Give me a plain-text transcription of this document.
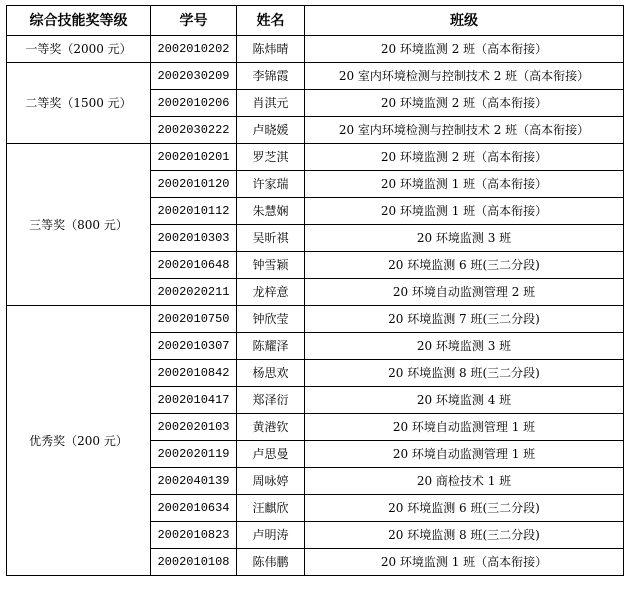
综合技能奖等级	学号	姓名	班级
一等奖（2000 元）	2002010202	陈炜晴	20 环境监测 2 班（高本衔接）
二等奖（1500 元）	2002030209	李锦霞	20 室内环境检测与控制技术 2 班（高本衔接）
	2002010206	肖淇元	20 环境监测 2 班（高本衔接）
	2002030222	卢晓媛	20 室内环境检测与控制技术 2 班（高本衔接）
三等奖（800 元）	2002010201	罗芝淇	20 环境监测 2 班（高本衔接）
	2002010120	许家瑞	20 环境监测 1 班（高本衔接）
	2002010112	朱慧娴	20 环境监测 1 班（高本衔接）
	2002010303	吴昕祺	20 环境监测 3 班
	2002010648	钟雪颖	20 环境监测 6 班(三二分段)
	2002020211	龙梓意	20 环境自动监测管理 2 班
优秀奖（200 元）	2002010750	钟欣莹	20 环境监测 7 班(三二分段)
	2002010307	陈耀泽	20 环境监测 3 班
	2002010842	杨思欢	20 环境监测 8 班(三二分段)
	2002010417	郑泽衍	20 环境监测 4 班
	2002020103	黄港钦	20 环境自动监测管理 1 班
	2002020119	卢思曼	20 环境自动监测管理 1 班
	2002040139	周咏婷	20 商检技术 1 班
	2002010634	汪麒欣	20 环境监测 6 班(三二分段)
	2002010823	卢明涛	20 环境监测 8 班(三二分段)
	2002010108	陈伟鹏	20 环境监测 1 班（高本衔接）
